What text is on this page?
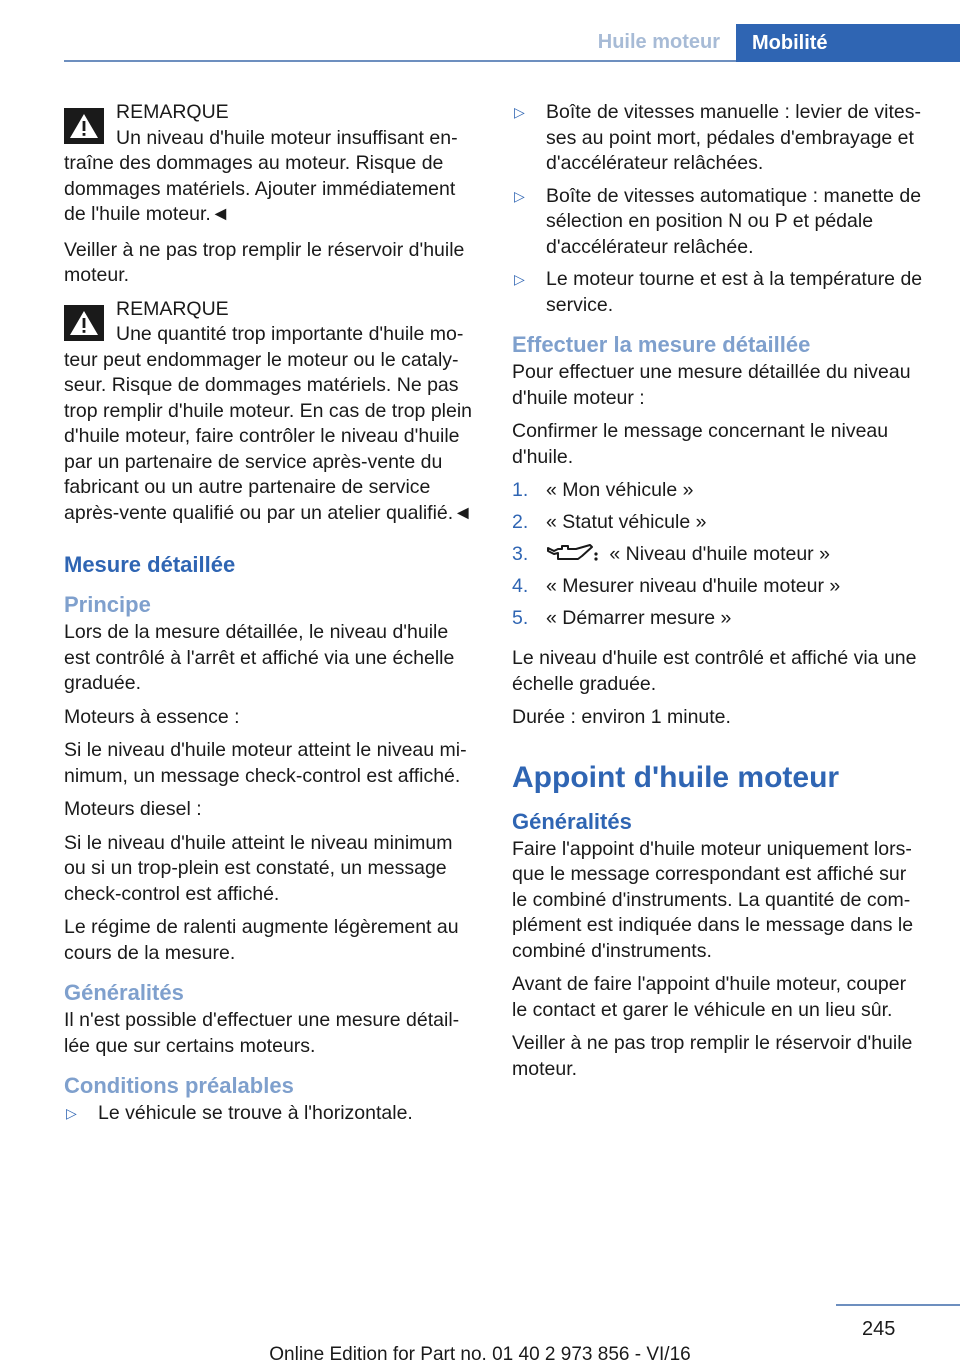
Huile moteur	Mobilité
REMARQUE
Un niveau d'huile moteur insuffisant en-

traîne des dommages au moteur. Risque de dommages matériels. Ajouter immédiatement de l'huile moteur.◄

Veiller à ne pas trop remplir le réservoir d'huile moteur.

REMARQUE
Une quantité trop importante d'huile mo-

teur peut endommager le moteur ou le cataly-seur. Risque de dommages matériels. Ne pas trop remplir d'huile moteur. En cas de trop plein d'huile moteur, faire contrôler le niveau d'huile par un partenaire de service après-vente du fabricant ou un autre partenaire de service après-vente qualifié ou par un atelier qualifié.◄

Mesure détaillée
Principe

Lors de la mesure détaillée, le niveau d'huile est contrôlé à l'arrêt et affiché via une échelle graduée.

Moteurs à essence :

Si le niveau d'huile moteur atteint le niveau mi-nimum, un message check-control est affiché.

Moteurs diesel :

Si le niveau d'huile atteint le niveau minimum ou si un trop-plein est constaté, un message check-control est affiché.

Le régime de ralenti augmente légèrement au cours de la mesure.

Généralités

Il n'est possible d'effectuer une mesure détail-lée que sur certains moteurs.

Conditions préalables
▷ Le véhicule se trouve à l'horizontale.
▷ Boîte de vitesses manuelle : levier de vites-ses au point mort, pédales d'embrayage et d'accélérateur relâchées.
▷ Boîte de vitesses automatique : manette de sélection en position N ou P et pédale d'accélérateur relâchée.
▷ Le moteur tourne et est à la température de service.
Effectuer la mesure détaillée

Pour effectuer une mesure détaillée du niveau d'huile moteur :

Confirmer le message concernant le niveau d'huile.

1. « Mon véhicule »
2. « Statut véhicule »
3.	« Niveau d'huile moteur »
4. « Mesurer niveau d'huile moteur »
5. « Démarrer mesure »

Le niveau d'huile est contrôlé et affiché via une échelle graduée.

Durée : environ 1 minute.

Appoint d'huile moteur
Généralités

Faire l'appoint d'huile moteur uniquement lors-que le message correspondant est affiché sur le combiné d'instruments. La quantité de com-plément est indiquée dans le message dans le combiné d'instruments.

Avant de faire l'appoint d'huile moteur, couper le contact et garer le véhicule en un lieu sûr.

Veiller à ne pas trop remplir le réservoir d'huile moteur.

245
Online Edition for Part no. 01 40 2 973 856 - VI/16
